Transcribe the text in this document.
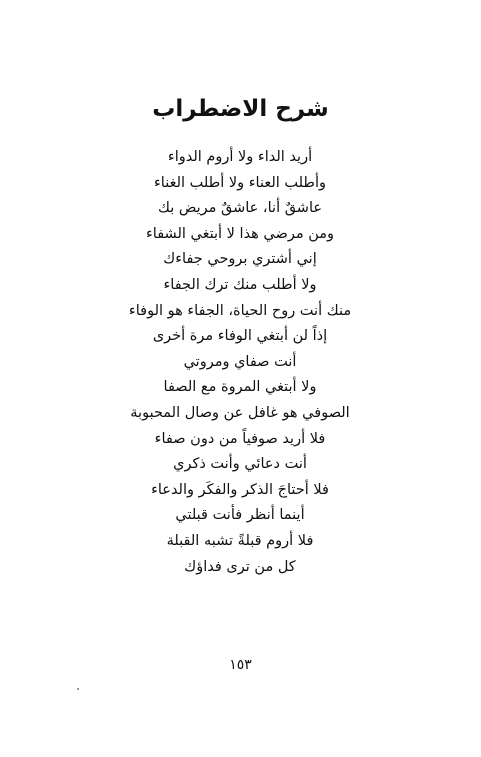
شرح الاضطراب
أريد الداء ولا أروم الدواء
وأطلب العناء ولا أطلب الغناء
عاشقٌ أنا، عاشقٌ مريض بك
ومن مرضي هذا لا أبتغي الشفاء
إني أشتري بروحي جفاءك
ولا أطلب منك ترك الجفاء
منك أنت روح الحياة، الجفاء هو الوفاء
إذاً لن أبتغي الوفاء مرة أخرى
أنت صفاي ومروتي
ولا أبتغي المروة مع الصفا
الصوفي هو غافل عن وصال المحبوبة
فلا أريد صوفياً من دون صفاء
أنت دعائي وأنت ذكري
فلا أحتاجَ الذكر والفكَر والدعاء
أينما أنظر فأنت قبلتي
فلا أروم قبلةً تشبه القبلة
كل من ترى فداؤك
١٥٣
